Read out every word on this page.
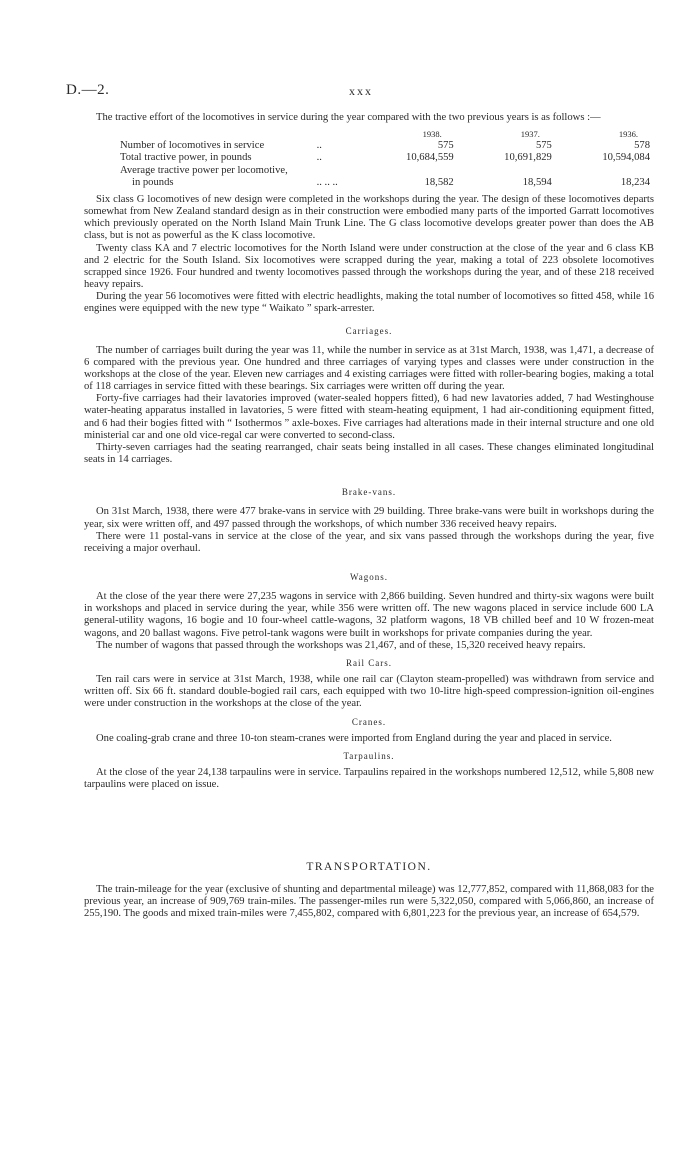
D.—2.	xxx

The tractive effort of the locomotives in service during the year compared with the two previous years is as follows :—

		1938.	1937.	1936.
Number of locomotives in service	..	575	575	578
Total tractive power, in pounds	..	10,684,559	10,691,829	10,594,084
Average tractive power per locomotive,				
in pounds	.. .. ..	18,582	18,594	18,234

Six class G locomotives of new design were completed in the workshops during the year. The design of these locomotives departs somewhat from New Zealand standard design as in their construction were embodied many parts of the imported Garratt locomotives which previously operated on the North Island Main Trunk Line. The G class locomotive develops greater power than does the AB class, but is not as powerful as the K class locomotive.

Twenty class KA and 7 electric locomotives for the North Island were under construction at the close of the year and 6 class KB and 2 electric for the South Island. Six locomotives were scrapped during the year, making a total of 223 obsolete locomotives scrapped since 1926. Four hundred and twenty locomotives passed through the workshops during the year, and of these 218 received heavy repairs.

During the year 56 locomotives were fitted with electric headlights, making the total number of locomotives so fitted 458, while 16 engines were equipped with the new type “ Waikato ” spark-arrester.

Carriages.

The number of carriages built during the year was 11, while the number in service as at 31st March, 1938, was 1,471, a decrease of 6 compared with the previous year. One hundred and three carriages of varying types and classes were under construction in the workshops at the close of the year. Eleven new carriages and 4 existing carriages were fitted with roller-bearing bogies, making a total of 118 carriages in service fitted with these bearings. Six carriages were written off during the year.

Forty-five carriages had their lavatories improved (water-sealed hoppers fitted), 6 had new lavatories added, 7 had Westinghouse water-heating apparatus installed in lavatories, 5 were fitted with steam-heating equipment, 1 had air-conditioning equipment fitted, and 6 had their bogies fitted with “ Isothermos ” axle-boxes. Five carriages had alterations made in their internal structure and one old ministerial car and one old vice-regal car were converted to second-class.

Thirty-seven carriages had the seating rearranged, chair seats being installed in all cases. These changes eliminated longitudinal seats in 14 carriages.

Brake-vans.

On 31st March, 1938, there were 477 brake-vans in service with 29 building. Three brake-vans were built in workshops during the year, six were written off, and 497 passed through the workshops, of which number 336 received heavy repairs.

There were 11 postal-vans in service at the close of the year, and six vans passed through the workshops during the year, five receiving a major overhaul.

Wagons.

At the close of the year there were 27,235 wagons in service with 2,866 building. Seven hundred and thirty-six wagons were built in workshops and placed in service during the year, while 356 were written off. The new wagons placed in service include 600 LA general-utility wagons, 16 bogie and 10 four-wheel cattle-wagons, 32 platform wagons, 18 VB chilled beef and 10 W frozen-meat wagons, and 20 ballast wagons. Five petrol-tank wagons were built in workshops for private companies during the year.

The number of wagons that passed through the workshops was 21,467, and of these, 15,320 received heavy repairs.

Rail Cars.

Ten rail cars were in service at 31st March, 1938, while one rail car (Clayton steam-propelled) was withdrawn from service and written off. Six 66 ft. standard double-bogied rail cars, each equipped with two 10-litre high-speed compression-ignition oil-engines were under construction in the workshops at the close of the year.

Cranes.

One coaling-grab crane and three 10-ton steam-cranes were imported from England during the year and placed in service.

Tarpaulins.

At the close of the year 24,138 tarpaulins were in service. Tarpaulins repaired in the workshops numbered 12,512, while 5,808 new tarpaulins were placed on issue.

TRANSPORTATION.

The train-mileage for the year (exclusive of shunting and departmental mileage) was 12,777,852, compared with 11,868,083 for the previous year, an increase of 909,769 train-miles. The passenger-miles run were 5,322,050, compared with 5,066,860, an increase of 255,190. The goods and mixed train-miles were 7,455,802, compared with 6,801,223 for the previous year, an increase of 654,579.
